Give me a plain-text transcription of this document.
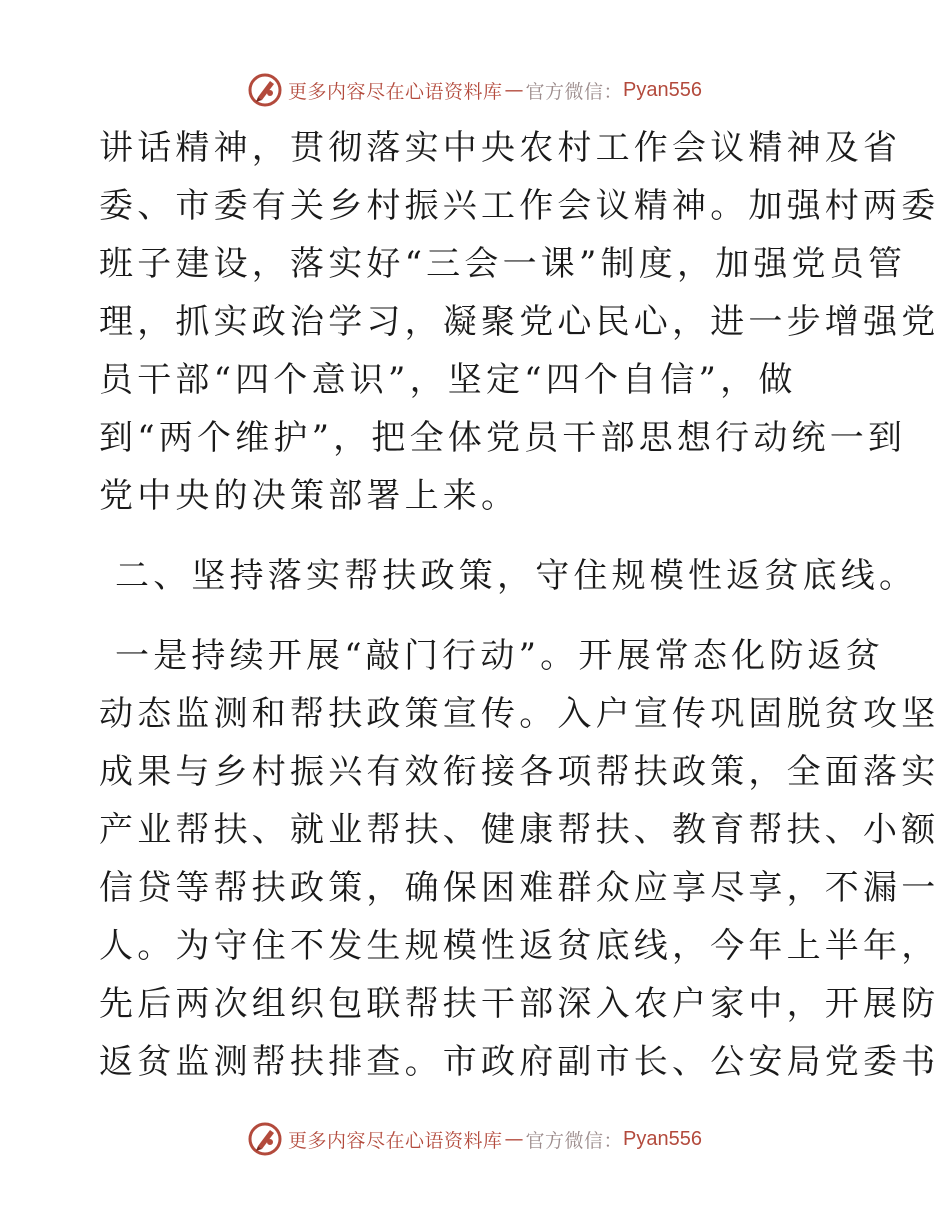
更多内容尽在心语资料库 — 官方微信： Pyan556
讲话精神，贯彻落实中央农村工作会议精神及省
委、市委有关乡村振兴工作会议精神。加强村两委
班子建设，落实好“三会一课”制度，加强党员管
理，抓实政治学习，凝聚党心民心，进一步增强党
员干部“四个意识”，坚定“四个自信”，做
到“两个维护”，把全体党员干部思想行动统一到
党中央的决策部署上来。
二、坚持落实帮扶政策，守住规模性返贫底线。
一是持续开展“敲门行动”。开展常态化防返贫
动态监测和帮扶政策宣传。入户宣传巩固脱贫攻坚
成果与乡村振兴有效衔接各项帮扶政策，全面落实
产业帮扶、就业帮扶、健康帮扶、教育帮扶、小额
信贷等帮扶政策，确保困难群众应享尽享，不漏一
人。为守住不发生规模性返贫底线，今年上半年，
先后两次组织包联帮扶干部深入农户家中，开展防
返贫监测帮扶排查。市政府副市长、公安局党委书
更多内容尽在心语资料库 — 官方微信： Pyan556
